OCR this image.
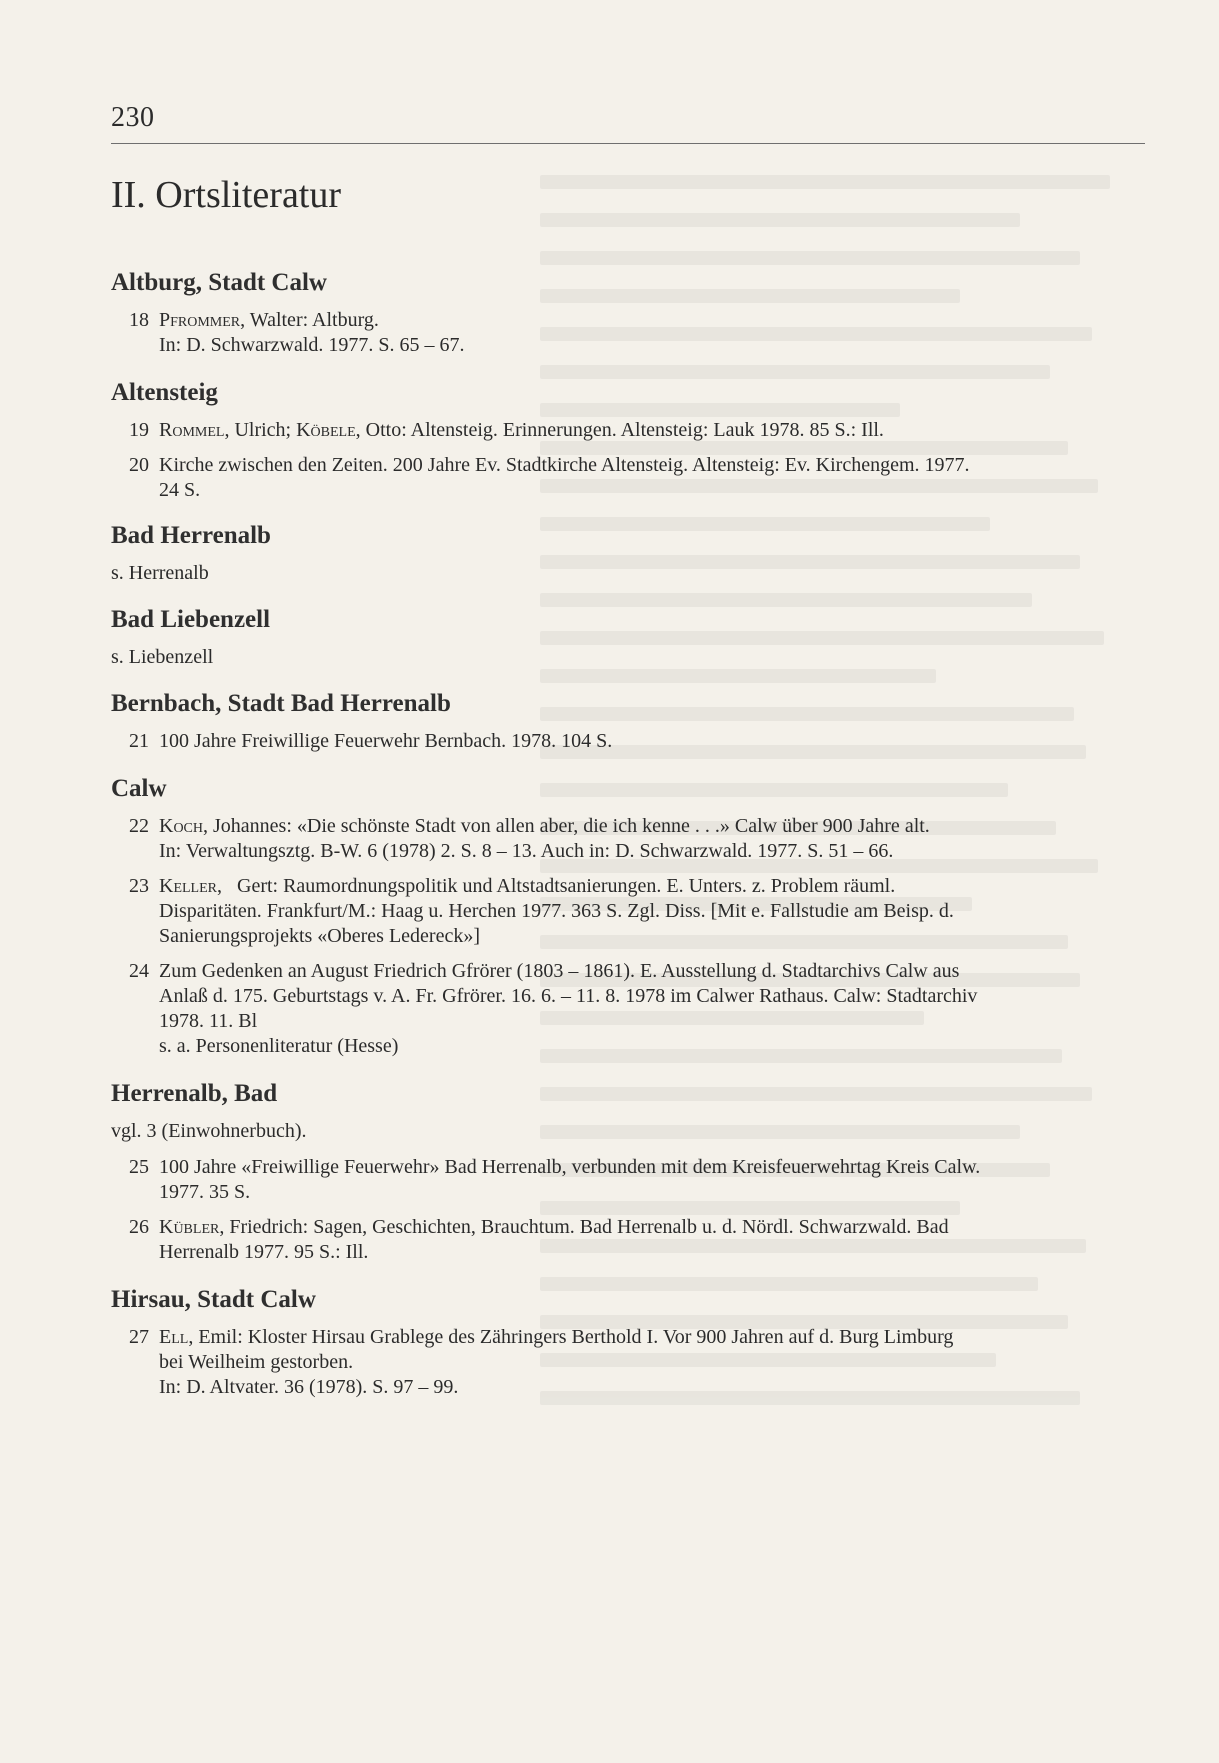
230
II. Ortsliteratur
Altburg, Stadt Calw
18 Pfrommer, Walter: Altburg.
In: D. Schwarzwald. 1977. S. 65 – 67.
Altensteig
19 Rommel, Ulrich; Köbele, Otto: Altensteig. Erinnerungen. Altensteig: Lauk 1978. 85 S.: Ill.
20 Kirche zwischen den Zeiten. 200 Jahre Ev. Stadtkirche Altensteig. Altensteig: Ev. Kirchengem. 1977.
24 S.
Bad Herrenalb

s. Herrenalb

Bad Liebenzell

s. Liebenzell

Bernbach, Stadt Bad Herrenalb
21 100 Jahre Freiwillige Feuerwehr Bernbach. 1978. 104 S.
Calw
22 Koch, Johannes: «Die schönste Stadt von allen aber, die ich kenne . . .» Calw über 900 Jahre alt.
In: Verwaltungsztg. B-W. 6 (1978) 2. S. 8 – 13. Auch in: D. Schwarzwald. 1977. S. 51 – 66.
23 Keller,   Gert: Raumordnungspolitik und Altstadtsanierungen. E. Unters. z. Problem räuml.
Disparitäten. Frankfurt/M.: Haag u. Herchen 1977. 363 S. Zgl. Diss. [Mit e. Fallstudie am Beisp. d.
Sanierungsprojekts «Oberes Ledereck»]
24 Zum Gedenken an August Friedrich Gfrörer (1803 – 1861). E. Ausstellung d. Stadtarchivs Calw aus
Anlaß d. 175. Geburtstags v. A. Fr. Gfrörer. 16. 6. – 11. 8. 1978 im Calwer Rathaus. Calw: Stadtarchiv
1978. 11. Bl
s. a. Personenliteratur (Hesse)
Herrenalb, Bad

vgl. 3 (Einwohnerbuch).

25 100 Jahre «Freiwillige Feuerwehr» Bad Herrenalb, verbunden mit dem Kreisfeuerwehrtag Kreis Calw.
1977. 35 S.
26 Kübler, Friedrich: Sagen, Geschichten, Brauchtum. Bad Herrenalb u. d. Nördl. Schwarzwald. Bad
Herrenalb 1977. 95 S.: Ill.
Hirsau, Stadt Calw
27 Ell, Emil: Kloster Hirsau Grablege des Zähringers Berthold I. Vor 900 Jahren auf d. Burg Limburg
bei Weilheim gestorben.
In: D. Altvater. 36 (1978). S. 97 – 99.
